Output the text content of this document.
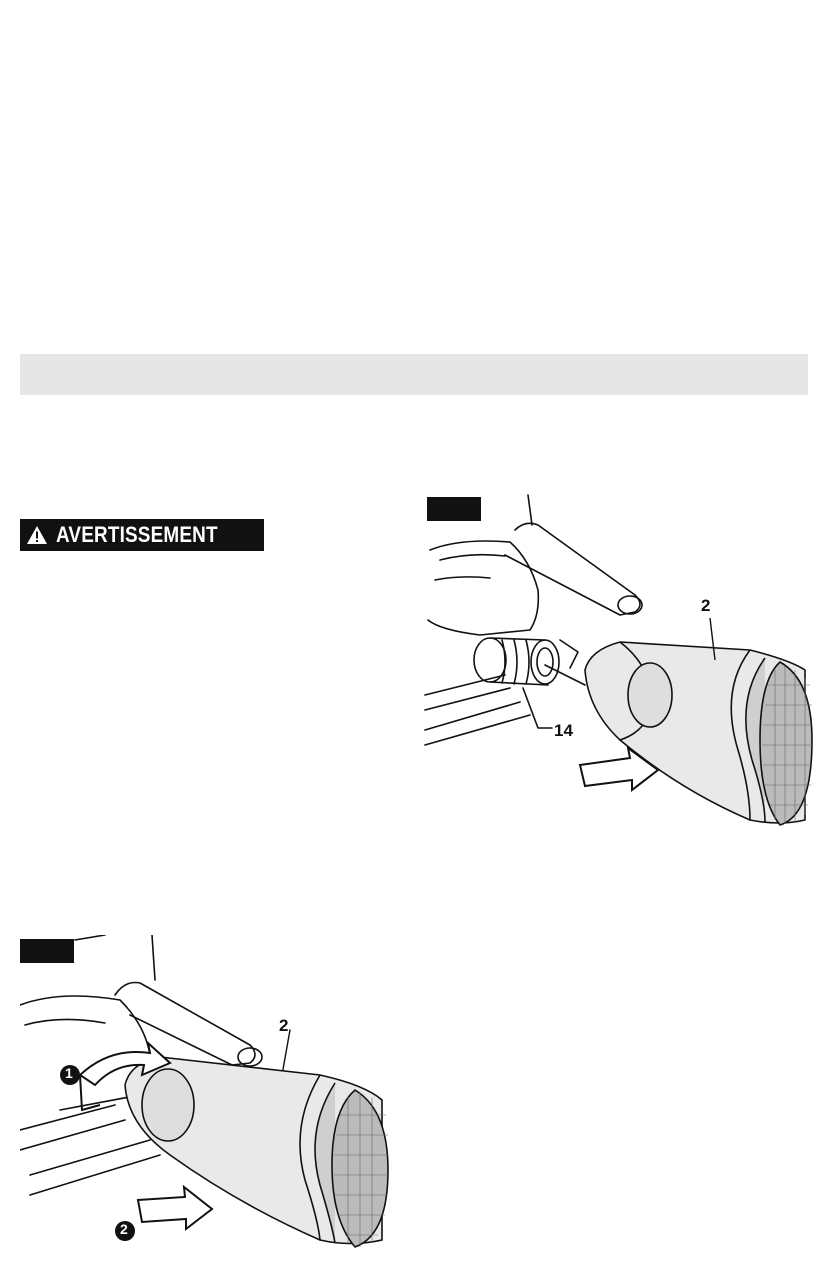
AVERTISSEMENT
2
14
2
1
2
